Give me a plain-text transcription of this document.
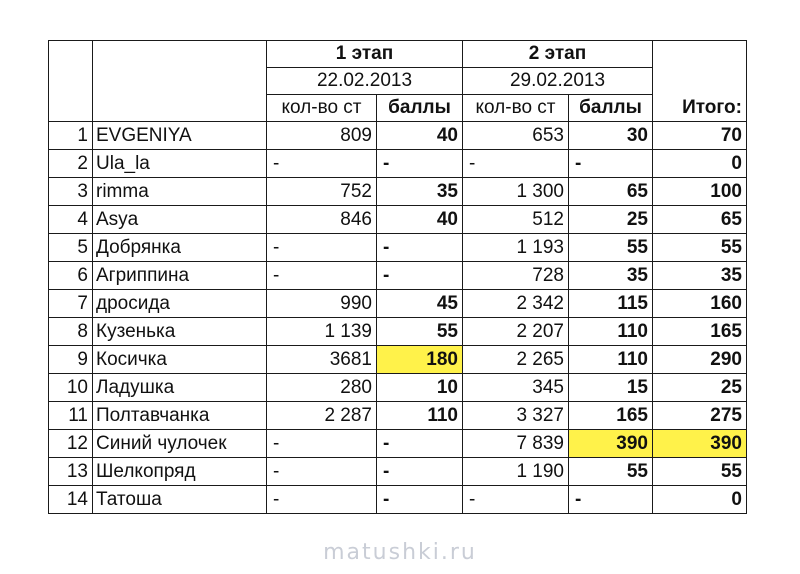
		1 этап		2 этап		Итого:
		22.02.2013		29.02.2013		
		кол-во ст	баллы	кол-во ст	баллы	
1	EVGENIYA	809	40	653	30	70
2	Ula_la	-	-	-	-	0
3	rimma	752	35	1 300	65	100
4	Asya	846	40	512	25	65
5	Добрянка	-	-	1 193	55	55
6	Агриппина	-	-	728	35	35
7	дросида	990	45	2 342	115	160
8	Кузенька	1 139	55	2 207	110	165
9	Косичка	3681	180	2 265	110	290
10	Ладушка	280	10	345	15	25
11	Полтавчанка	2 287	110	3 327	165	275
12	Синий чулочек	-	-	7 839	390	390
13	Шелкопряд	-	-	1 190	55	55
14	Татоша	-	-	-	-	0
matushki.ru
